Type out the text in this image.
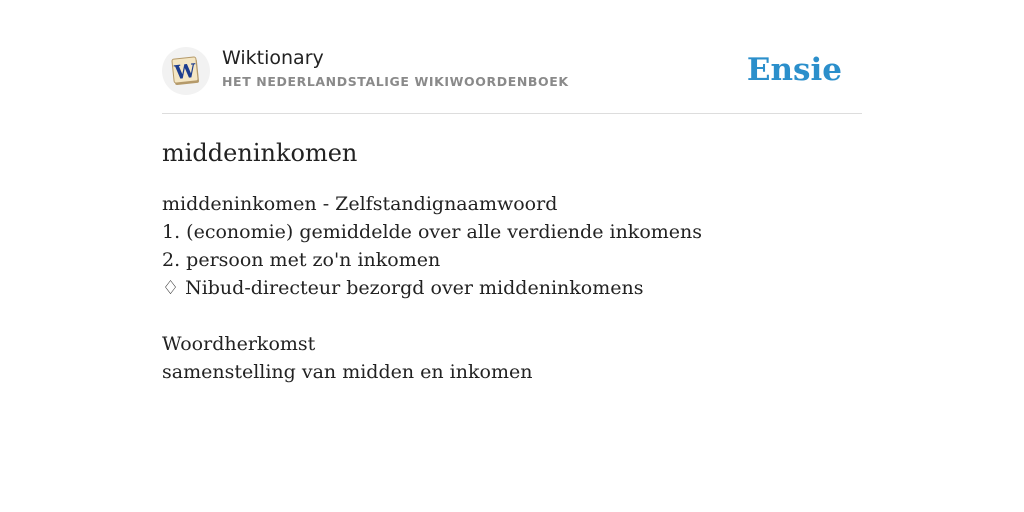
W
Wiktionary
HET NEDERLANDSTALIGE WIKIWOORDENBOEK	Ensie
middeninkomen
middeninkomen - Zelfstandignaamwoord
1. (economie) gemiddelde over alle verdiende inkomens
2. persoon met zo'n inkomen
♢ Nibud-directeur bezorgd over middeninkomens
Woordherkomst
samenstelling van midden en inkomen
